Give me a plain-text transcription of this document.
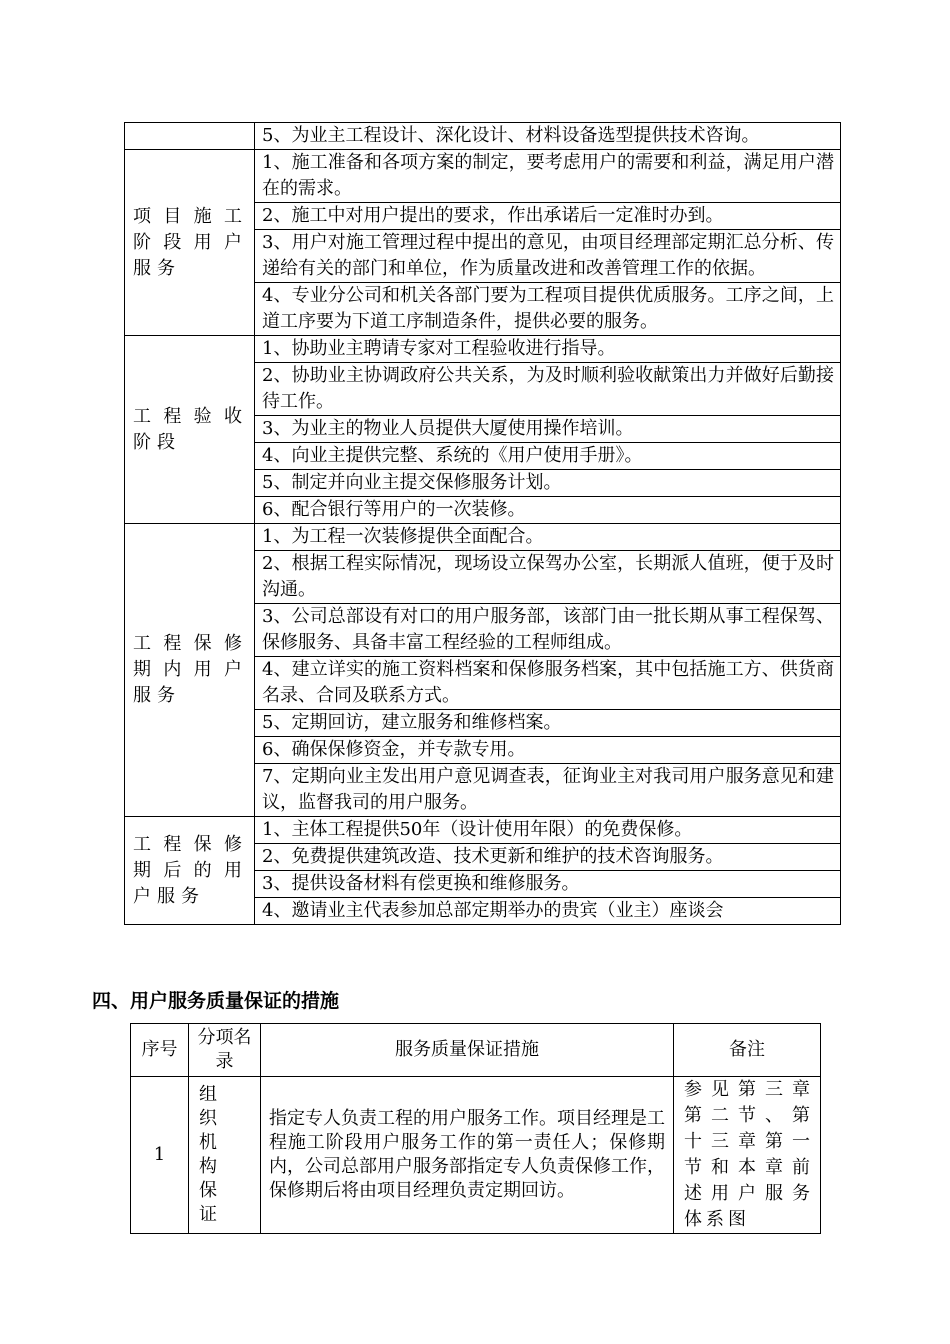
	5、为业主工程设计、深化设计、材料设备选型提供技术咨询。
项目施工阶段用户服务	1、施工准备和各项方案的制定，要考虑用户的需要和利益，满足用户潜在的需求。
	2、施工中对用户提出的要求，作出承诺后一定准时办到。
	3、用户对施工管理过程中提出的意见，由项目经理部定期汇总分析、传递给有关的部门和单位，作为质量改进和改善管理工作的依据。
	4、专业分公司和机关各部门要为工程项目提供优质服务。工序之间，上道工序要为下道工序制造条件，提供必要的服务。
工程验收阶段	1、协助业主聘请专家对工程验收进行指导。
	2、协助业主协调政府公共关系，为及时顺利验收献策出力并做好后勤接待工作。
	3、为业主的物业人员提供大厦使用操作培训。
	4、向业主提供完整、系统的《用户使用手册》。
	5、制定并向业主提交保修服务计划。
	6、配合银行等用户的一次装修。
工程保修期内用户服务	1、为工程一次装修提供全面配合。
	2、根据工程实际情况，现场设立保驾办公室，长期派人值班，便于及时沟通。
	3、公司总部设有对口的用户服务部，该部门由一批长期从事工程保驾、保修服务、具备丰富工程经验的工程师组成。
	4、建立详实的施工资料档案和保修服务档案，其中包括施工方、供货商名录、合同及联系方式。
	5、定期回访，建立服务和维修档案。
	6、确保保修资金，并专款专用。
	7、定期向业主发出用户意见调查表，征询业主对我司用户服务意见和建议，监督我司的用户服务。
工程保修期后的用户服务	1、主体工程提供50年（设计使用年限）的免费保修。
	2、免费提供建筑改造、技术更新和维护的技术咨询服务。
	3、提供设备材料有偿更换和维修服务。
	4、邀请业主代表参加总部定期举办的贵宾（业主）座谈会
四、用户服务质量保证的措施
序号	分项名录	服务质量保证措施	备注
1	组织机构保证	指定专人负责工程的用户服务工作。项目经理是工程施工阶段用户服务工作的第一责任人；保修期内，公司总部用户服务部指定专人负责保修工作，保修期后将由项目经理负责定期回访。	参见第三章第二节、第十三章第一节和本章前述用户服务体系图
